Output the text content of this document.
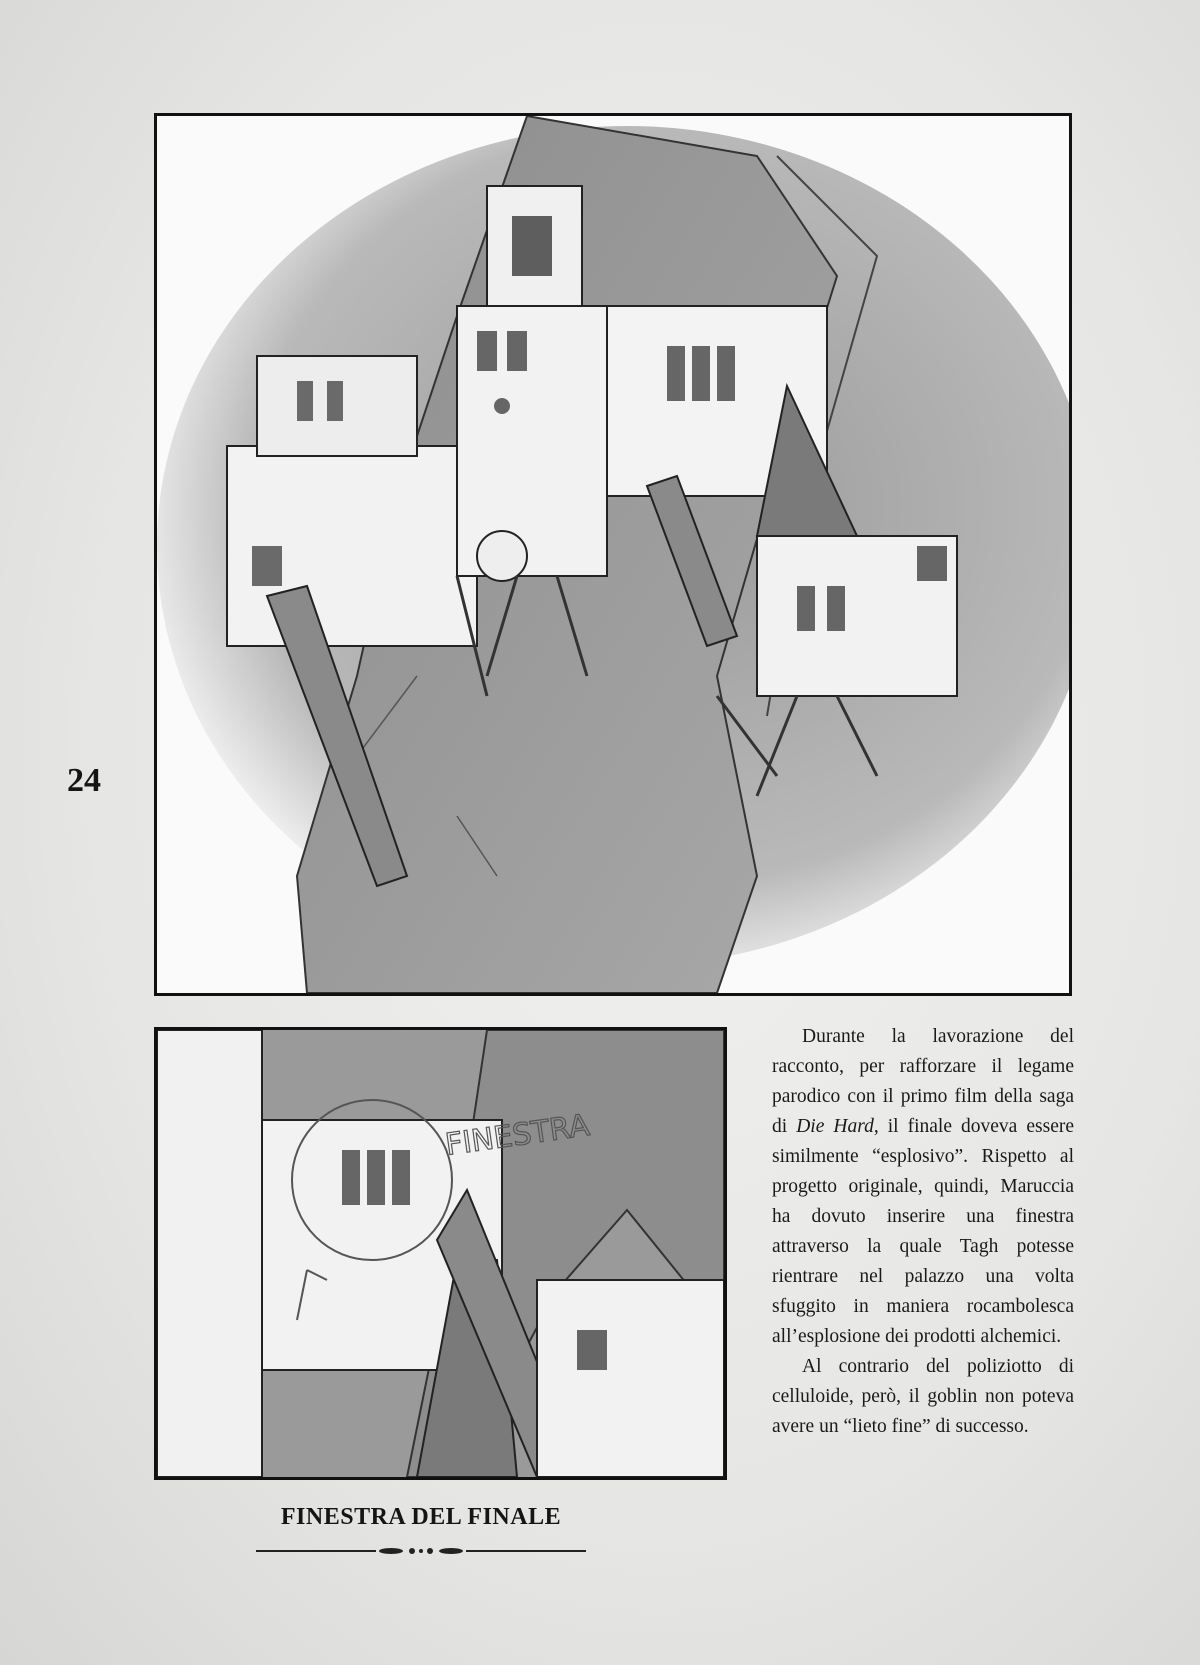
24
FINESTRA

Durante la lavorazione del racconto, per rafforzare il legame parodico con il primo film della saga di Die Hard, il finale doveva essere similmente “esplosivo”. Rispetto al progetto originale, quindi, Maruccia ha dovuto inserire una finestra attraverso la quale Tagh potesse rientrare nel palazzo una volta sfuggito in maniera rocambolesca all’esplosione dei prodotti alchemici.

Al contrario del poliziotto di celluloide, però, il goblin non poteva avere un “lieto fine” di successo.

FINESTRA DEL FINALE
